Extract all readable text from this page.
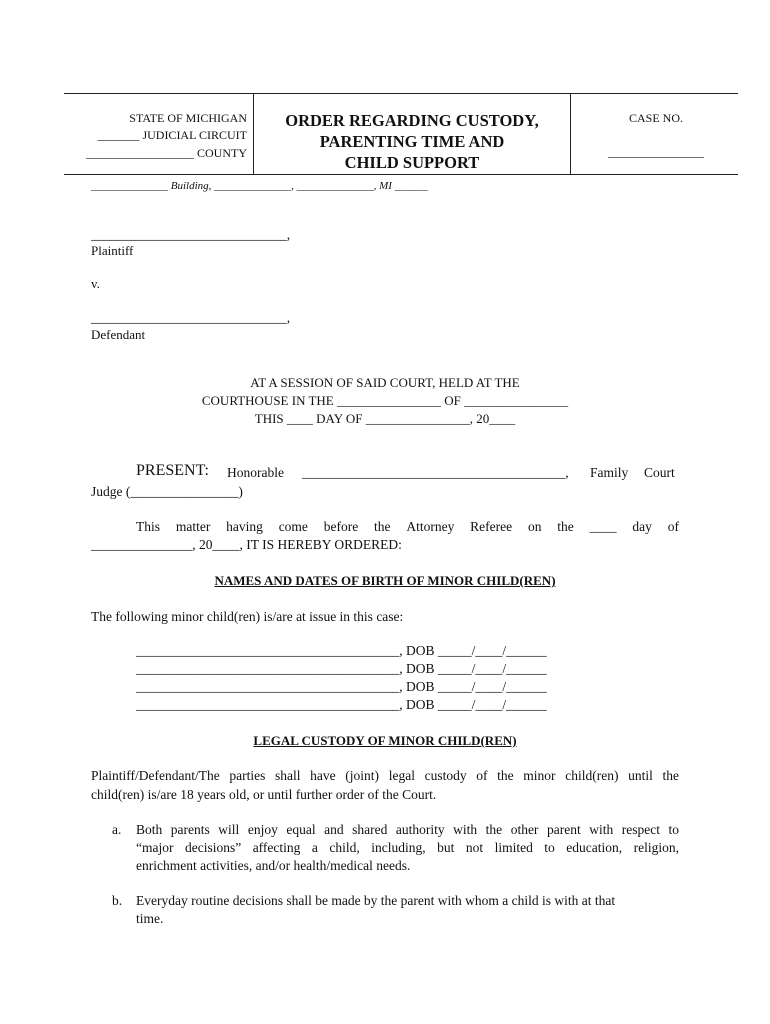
STATE OF MICHIGAN
_______ JUDICIAL CIRCUIT
__________________ COUNTY
ORDER REGARDING CUSTODY,
PARENTING TIME AND
CHILD SUPPORT
CASE NO.
________________
______________ Building, ______________, ______________, MI ______
_____________________________,
Plaintiff
v.
_____________________________,
Defendant
AT A SESSION OF SAID COURT, HELD AT THE
COURTHOUSE IN THE ________________ OF ________________
THIS ____ DAY OF ________________, 20____
PRESENT: Honorable _______________________________________, Family Court
Judge (________________)
This matter having come before the Attorney Referee on the ____ day of
_______________, 20____, IT IS HEREBY ORDERED:
NAMES AND DATES OF BIRTH OF MINOR CHILD(REN)
The following minor child(ren) is/are at issue in this case:
_______________________________________, DOB _____/____/______
_______________________________________, DOB _____/____/______
_______________________________________, DOB _____/____/______
_______________________________________, DOB _____/____/______
LEGAL CUSTODY OF MINOR CHILD(REN)
Plaintiff/Defendant/The parties shall have (joint) legal custody of the minor child(ren) until the
child(ren) is/are 18 years old, or until further order of the Court.
a. Both parents will enjoy equal and shared authority with the other parent with respect to
“major decisions” affecting a child, including, but not limited to education, religion,
enrichment activities, and/or health/medical needs.
b. Everyday routine decisions shall be made by the parent with whom a child is with at that
time.
